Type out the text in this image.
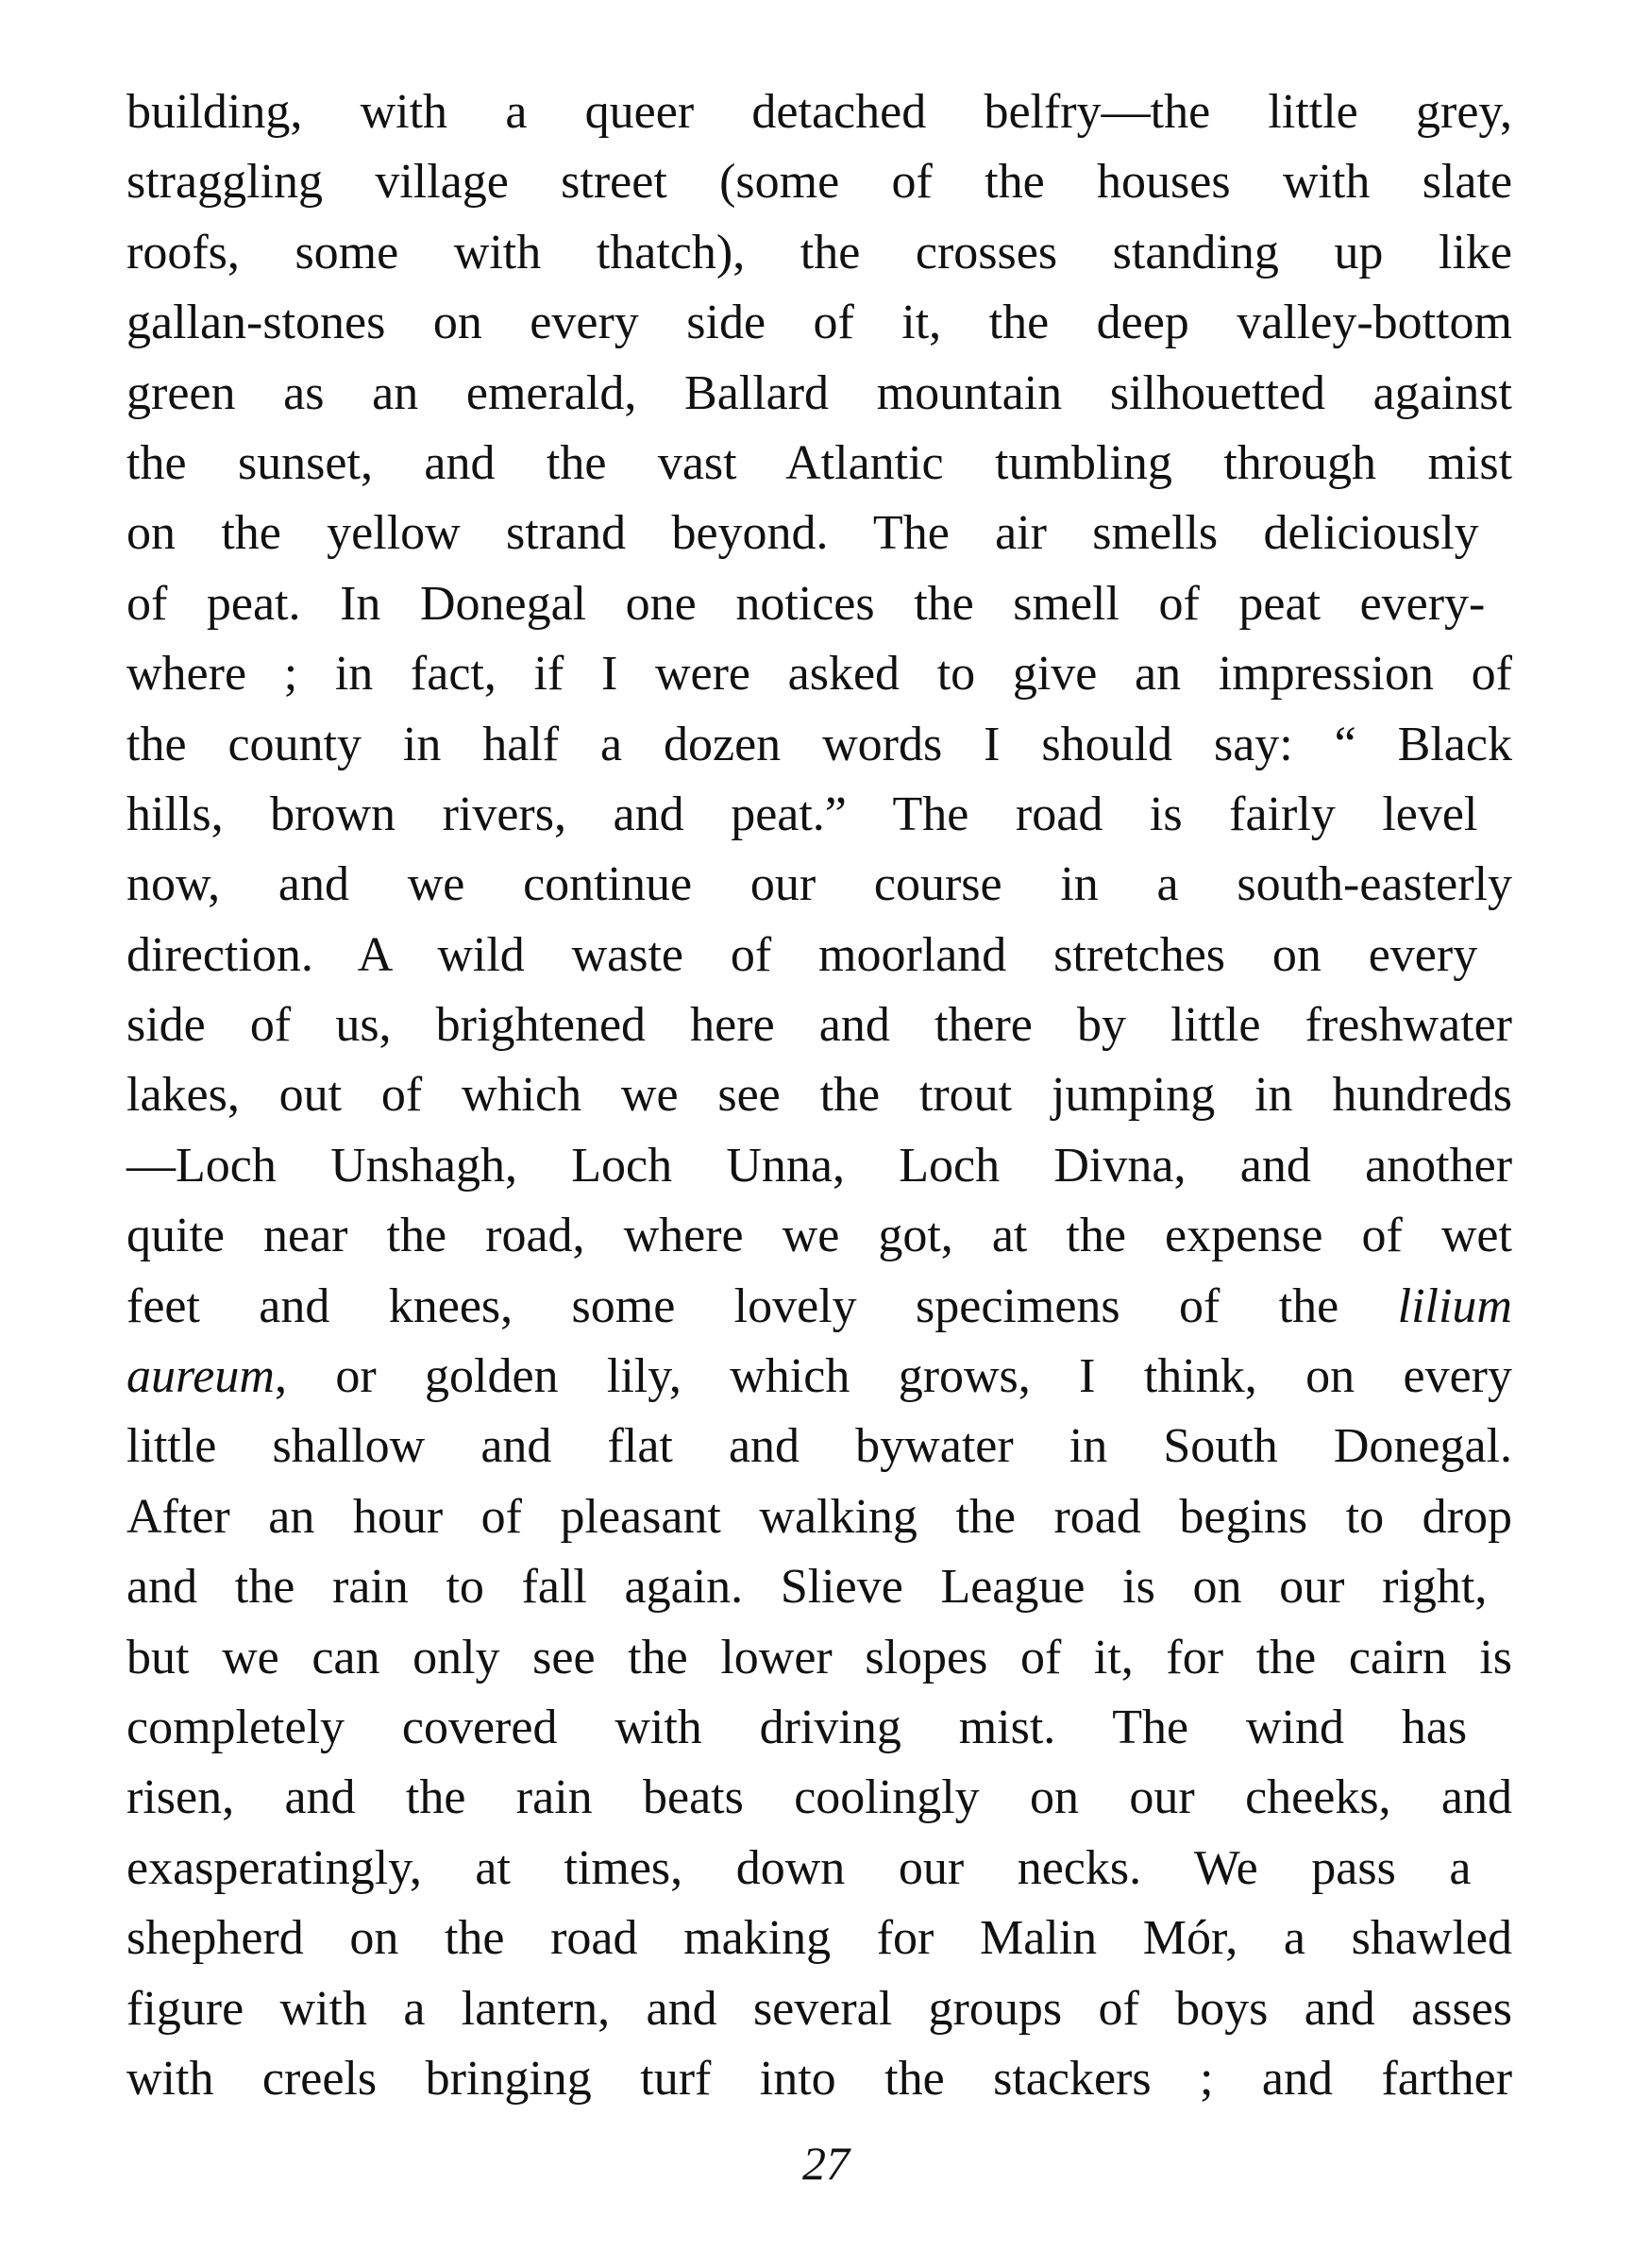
building, with a queer detached belfry—the little grey,
straggling village street (some of the houses with slate
roofs, some with thatch), the crosses standing up like
gallan-stones on every side of it, the deep valley-bottom
green as an emerald, Ballard mountain silhouetted against
the sunset, and the vast Atlantic tumbling through mist
on the yellow strand beyond. The air smells deliciously
of peat. In Donegal one notices the smell of peat every-
where ; in fact, if I were asked to give an impression of
the county in half a dozen words I should say: “ Black
hills, brown rivers, and peat.” The road is fairly level
now, and we continue our course in a south-easterly
direction. A wild waste of moorland stretches on every
side of us, brightened here and there by little freshwater
lakes, out of which we see the trout jumping in hundreds
—Loch Unshagh, Loch Unna, Loch Divna, and another
quite near the road, where we got, at the expense of wet
feet and knees, some lovely specimens of the lilium
aureum, or golden lily, which grows, I think, on every
little shallow and flat and bywater in South Donegal.
After an hour of pleasant walking the road begins to drop
and the rain to fall again. Slieve League is on our right,
but we can only see the lower slopes of it, for the cairn is
completely covered with driving mist. The wind has
risen, and the rain beats coolingly on our cheeks, and
exasperatingly, at times, down our necks. We pass a
shepherd on the road making for Malin Mór, a shawled
figure with a lantern, and several groups of boys and asses
with creels bringing turf into the stackers ; and farther
27
